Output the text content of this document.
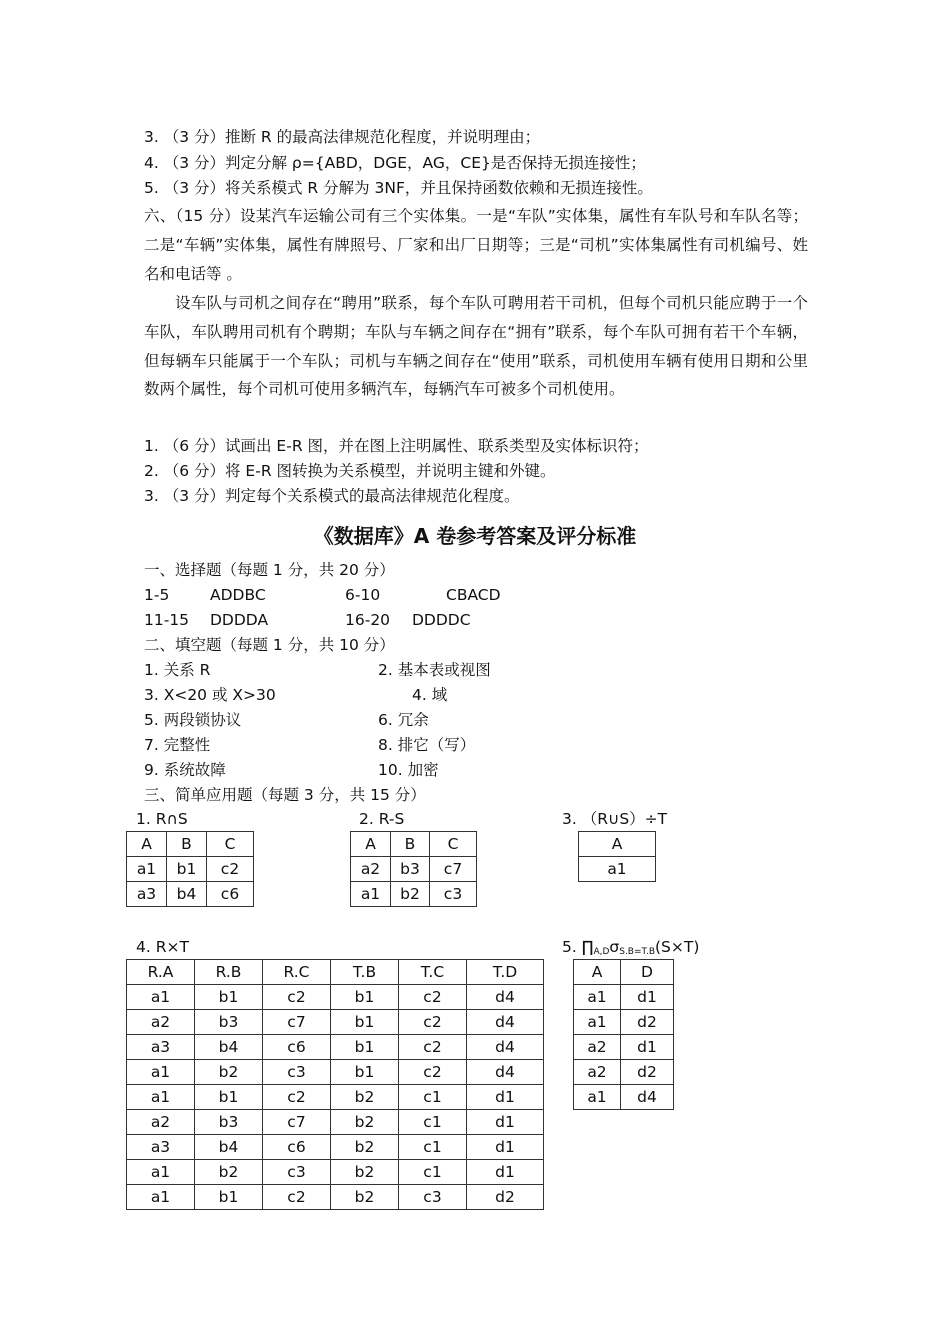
3. （3 分）推断 R 的最高法律规范化程度，并说明理由；
4. （3 分）判定分解 ρ={ABD，DGE，AG，CE}是否保持无损连接性；
5. （3 分）将关系模式 R 分解为 3NF，并且保持函数依赖和无损连接性。
六、（15 分）设某汽车运输公司有三个实体集。一是“车队”实体集，属性有车队号和车队名等；二是“车辆”实体集，属性有牌照号、厂家和出厂日期等；三是“司机”实体集属性有司机编号、姓名和电话等 。
设车队与司机之间存在“聘用”联系，每个车队可聘用若干司机，但每个司机只能应聘于一个车队，车队聘用司机有个聘期；车队与车辆之间存在“拥有”联系，每个车队可拥有若干个车辆，但每辆车只能属于一个车队；司机与车辆之间存在“使用”联系，司机使用车辆有使用日期和公里数两个属性，每个司机可使用多辆汽车，每辆汽车可被多个司机使用。
1. （6 分）试画出 E-R 图，并在图上注明属性、联系类型及实体标识符；
2. （6 分）将 E-R 图转换为关系模型，并说明主键和外键。
3. （3 分）判定每个关系模式的最高法律规范化程度。
《数据库》A 卷参考答案及评分标准
一、选择题（每题 1 分，共 20 分）
1-5	ADDBC	6-10	CBACD
11-15 DDDDA	16-20 DDDDC
二、填空题（每题 1 分，共 10 分）
1. 关系 R	2. 基本表或视图
3. X<20 或 X>30	4. 域
5. 两段锁协议	6. 冗余
7. 完整性	8. 排它（写）
9. 系统故障	10. 加密
三、简单应用题（每题 3 分，共 15 分）
1. R∩S
A	B	C
a1	b1	c2
a3	b4	c6
2. R-S
A	B	C
a2	b3	c7
a1	b2	c3
3. （R∪S）÷T
A
a1
4. R×T
R.A	R.B	R.C	T.B	T.C	T.D
a1	b1	c2	b1	c2	d4
a2	b3	c7	b1	c2	d4
a3	b4	c6	b1	c2	d4
a1	b2	c3	b1	c2	d4
a1	b1	c2	b2	c1	d1
a2	b3	c7	b2	c1	d1
a3	b4	c6	b2	c1	d1
a1	b2	c3	b2	c1	d1
a1	b1	c2	b2	c3	d2
5. $\prod_{A,D}\sigma_{S.B=T.B}(S\times T)$
A	D
a1	d1
a1	d2
a2	d1
a2	d2
a1	d4
